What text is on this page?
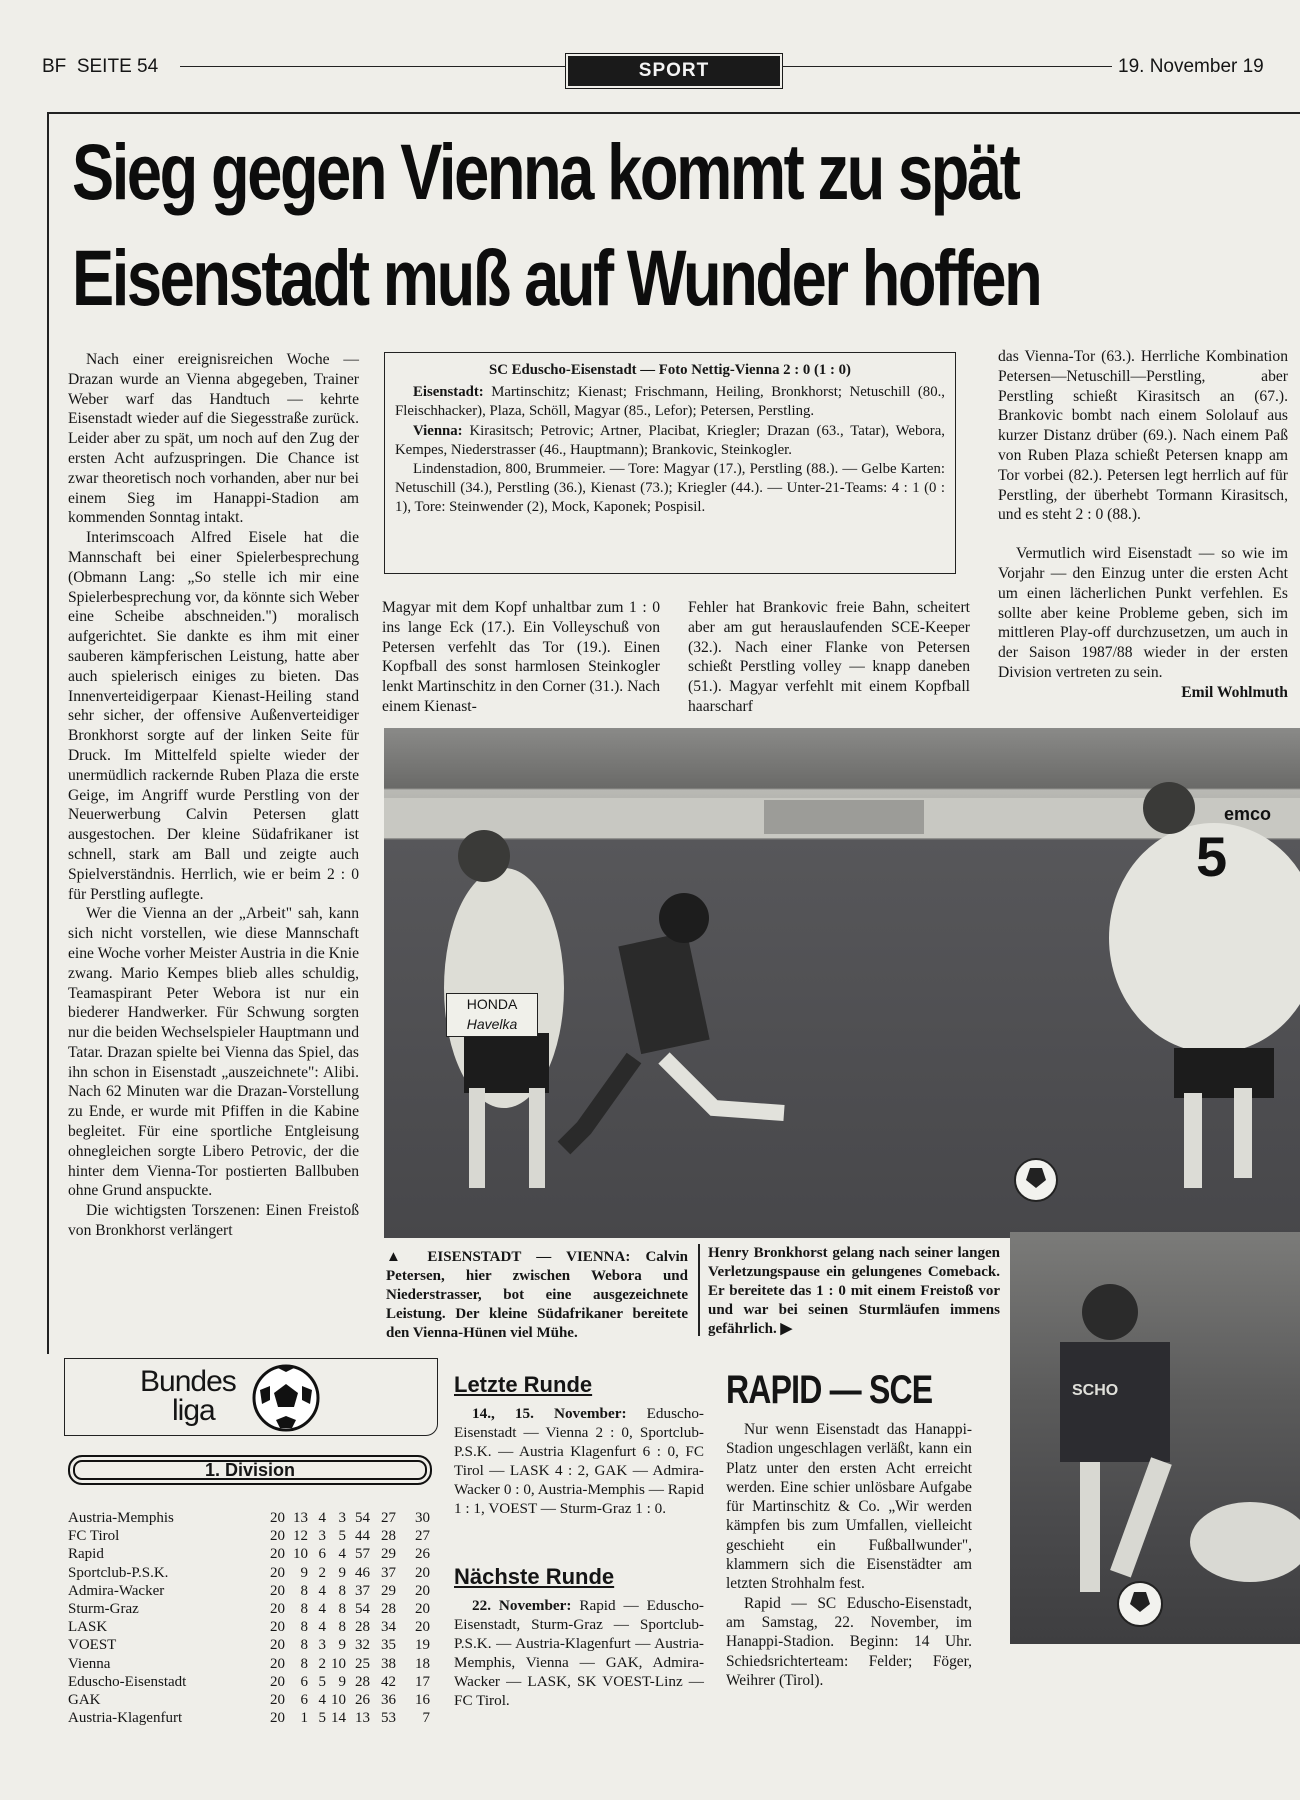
BF  SEITE 54	SPORT	19. November 19
Sieg gegen Vienna kommt zu spät
Eisenstadt muß auf Wunder hoffen

Nach einer ereignisreichen Woche — Drazan wurde an Vienna abgegeben, Trainer Weber warf das Handtuch — kehrte Eisenstadt wieder auf die Siegesstraße zurück. Leider aber zu spät, um noch auf den Zug der ersten Acht aufzuspringen. Die Chance ist zwar theoretisch noch vorhanden, aber nur bei einem Sieg im Hanappi-Stadion am kommenden Sonntag intakt.

Interimscoach Alfred Eisele hat die Mannschaft bei einer Spielerbesprechung (Obmann Lang: „So stelle ich mir eine Spielerbesprechung vor, da könnte sich Weber eine Scheibe abschneiden.") moralisch aufgerichtet. Sie dankte es ihm mit einer sauberen kämpferischen Leistung, hatte aber auch spielerisch einiges zu bieten. Das Innenverteidigerpaar Kienast-Heiling stand sehr sicher, der offensive Außenverteidiger Bronkhorst sorgte auf der linken Seite für Druck. Im Mittelfeld spielte wieder der unermüdlich rackernde Ruben Plaza die erste Geige, im Angriff wurde Perstling von der Neuerwerbung Calvin Petersen glatt ausgestochen. Der kleine Südafrikaner ist schnell, stark am Ball und zeigte auch Spielverständnis. Herrlich, wie er beim 2 : 0 für Perstling auflegte.

Wer die Vienna an der „Arbeit" sah, kann sich nicht vorstellen, wie diese Mannschaft eine Woche vorher Meister Austria in die Knie zwang. Mario Kempes blieb alles schuldig, Teamaspirant Peter Webora ist nur ein biederer Handwerker. Für Schwung sorgten nur die beiden Wechselspieler Hauptmann und Tatar. Drazan spielte bei Vienna das Spiel, das ihn schon in Eisenstadt „auszeichnete": Alibi. Nach 62 Minuten war die Drazan-Vorstellung zu Ende, er wurde mit Pfiffen in die Kabine begleitet. Für eine sportliche Entgleisung ohnegleichen sorgte Libero Petrovic, der die hinter dem Vienna-Tor postierten Ballbuben ohne Grund anspuckte.

Die wichtigsten Torszenen: Einen Freistoß von Bronkhorst verlängert

SC Eduscho-Eisenstadt — Foto Nettig-Vienna 2 : 0 (1 : 0)
Eisenstadt: Martinschitz; Kienast; Frischmann, Heiling, Bronkhorst; Netuschill (80., Fleischhacker), Plaza, Schöll, Magyar (85., Lefor); Petersen, Perstling.
Vienna: Kirasitsch; Petrovic; Artner, Placibat, Kriegler; Drazan (63., Tatar), Webora, Kempes, Niederstrasser (46., Hauptmann); Brankovic, Steinkogler.
Lindenstadion, 800, Brummeier. — Tore: Magyar (17.), Perstling (88.). — Gelbe Karten: Netuschill (34.), Perstling (36.), Kienast (73.); Kriegler (44.). — Unter-21-Teams: 4 : 1 (0 : 1), Tore: Steinwender (2), Mock, Kaponek; Pospisil.
Magyar mit dem Kopf unhaltbar zum 1 : 0 ins lange Eck (17.). Ein Volleyschuß von Petersen verfehlt das Tor (19.). Einen Kopfball des sonst harmlosen Steinkogler lenkt Martinschitz in den Corner (31.). Nach einem Kienast-
Fehler hat Brankovic freie Bahn, scheitert aber am gut herauslaufenden SCE-Keeper (32.). Nach einer Flanke von Petersen schießt Perstling volley — knapp daneben (51.). Magyar verfehlt mit einem Kopfball haarscharf

das Vienna-Tor (63.). Herrliche Kombination Petersen—Netuschill—Perstling, aber Perstling schießt Kirasitsch an (67.). Brankovic bombt nach einem Sololauf aus kurzer Distanz drüber (69.). Nach einem Paß von Ruben Plaza schießt Petersen knapp am Tor vorbei (82.). Petersen legt herrlich auf für Perstling, der überhebt Tormann Kirasitsch, und es steht 2 : 0 (88.).

Vermutlich wird Eisenstadt — so wie im Vorjahr — den Einzug unter die ersten Acht um einen lächerlichen Punkt verfehlen. Es sollte aber keine Probleme geben, sich im mittleren Play-off durchzusetzen, um auch in der Saison 1987/88 wieder in der ersten Division vertreten zu sein.

Emil Wohlmuth
emco
5
HONDA
Havelka
SCHO
▲ EISENSTADT — VIENNA: Calvin Petersen, hier zwischen Webora und Niederstrasser, bot eine ausgezeichnete Leistung. Der kleine Südafrikaner bereitete den Vienna-Hünen viel Mühe.
Henry Bronkhorst gelang nach seiner langen Verletzungspause ein gelungenes Comeback. Er bereitete das 1 : 0 mit einem Freistoß vor und war bei seinen Sturmläufen immens gefährlich. ▶
Bundes
liga
1. Division
Austria-Memphis	20	13	4	3	54	27	30
FC Tirol	20	12	3	5	44	28	27
Rapid	20	10	6	4	57	29	26
Sportclub-P.S.K.	20	9	2	9	46	37	20
Admira-Wacker	20	8	4	8	37	29	20
Sturm-Graz	20	8	4	8	54	28	20
LASK	20	8	4	8	28	34	20
VOEST	20	8	3	9	32	35	19
Vienna	20	8	2	10	25	38	18
Eduscho-Eisenstadt	20	6	5	9	28	42	17
GAK	20	6	4	10	26	36	16
Austria-Klagenfurt	20	1	5	14	13	53	7
Letzte Runde
14., 15. November: Eduscho-Eisenstadt — Vienna 2 : 0, Sportclub-P.S.K. — Austria Klagenfurt 6 : 0, FC Tirol — LASK 4 : 2, GAK — Admira-Wacker 0 : 0, Austria-Memphis — Rapid 1 : 1, VOEST — Sturm-Graz 1 : 0.
Nächste Runde
22. November: Rapid — Eduscho-Eisenstadt, Sturm-Graz — Sportclub-P.S.K. — Austria-Klagenfurt — Austria-Memphis, Vienna — GAK, Admira-Wacker — LASK, SK VOEST-Linz — FC Tirol.
RAPID — SCE

Nur wenn Eisenstadt das Hanappi-Stadion ungeschlagen verläßt, kann ein Platz unter den ersten Acht erreicht werden. Eine schier unlösbare Aufgabe für Martinschitz & Co. „Wir werden kämpfen bis zum Umfallen, vielleicht geschieht ein Fußballwunder", klammern sich die Eisenstädter am letzten Strohhalm fest.

Rapid — SC Eduscho-Eisenstadt, am Samstag, 22. November, im Hanappi-Stadion. Beginn: 14 Uhr. Schiedsrichterteam: Felder; Föger, Weihrer (Tirol).
